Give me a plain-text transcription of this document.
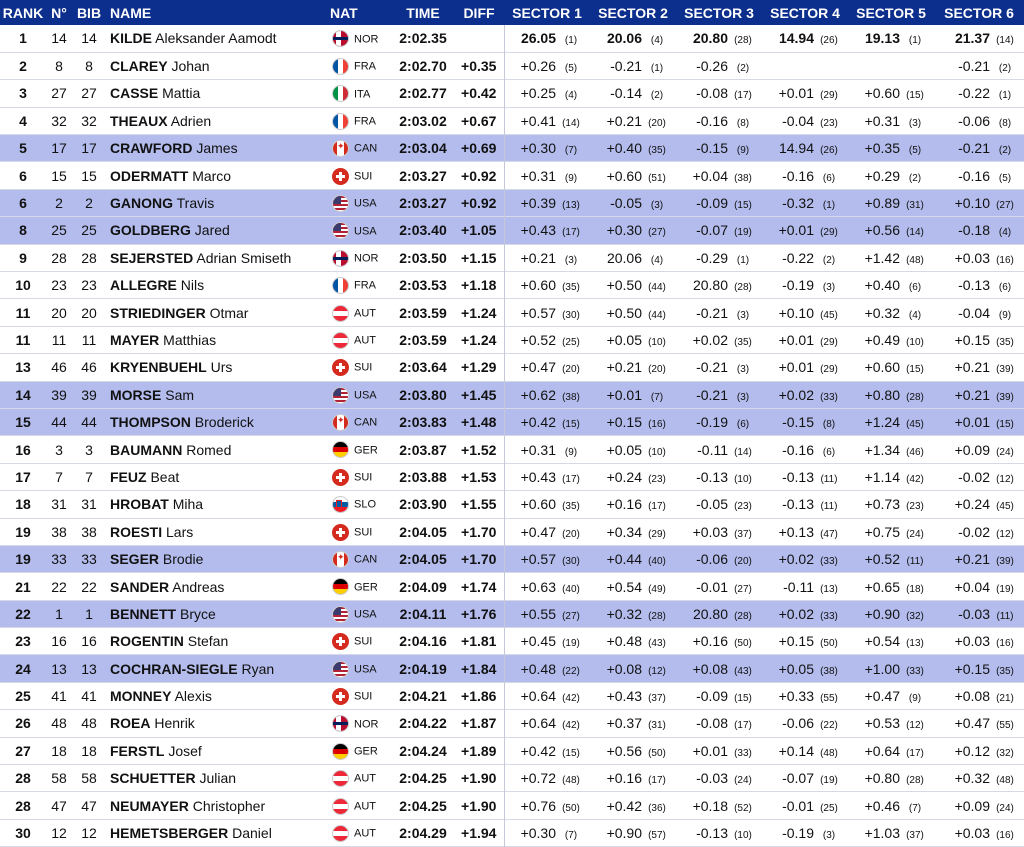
RANK	N°	BIB	NAME	NAT	TIME	DIFF	SECTOR 1	SECTOR 2	SECTOR 3	SECTOR 4	SECTOR 5	SECTOR 6
1	14	14	KILDE Aleksander Aamodt	NOR	2:02.35		26.05 (1)	20.06 (4)	20.80 (28)	14.94 (26)	19.13 (1)	21.37 (14)
2	8	8	CLAREY Johan	FRA	2:02.70	+0.35	+0.26 (5)	-0.21 (1)	-0.26 (2)			-0.21 (2)
3	27	27	CASSE Mattia	ITA	2:02.77	+0.42	+0.25 (4)	-0.14 (2)	-0.08 (17)	+0.01 (29)	+0.60 (15)	-0.22 (1)
4	32	32	THEAUX Adrien	FRA	2:03.02	+0.67	+0.41 (14)	+0.21 (20)	-0.16 (8)	-0.04 (23)	+0.31 (3)	-0.06 (8)
5	17	17	CRAWFORD James	✦CAN	2:03.04	+0.69	+0.30 (7)	+0.40 (35)	-0.15 (9)	14.94 (26)	+0.35 (5)	-0.21 (2)
6	15	15	ODERMATT Marco	SUI	2:03.27	+0.92	+0.31 (9)	+0.60 (51)	+0.04 (38)	-0.16 (6)	+0.29 (2)	-0.16 (5)
6	2	2	GANONG Travis	USA	2:03.27	+0.92	+0.39 (13)	-0.05 (3)	-0.09 (15)	-0.32 (1)	+0.89 (31)	+0.10 (27)
8	25	25	GOLDBERG Jared	USA	2:03.40	+1.05	+0.43 (17)	+0.30 (27)	-0.07 (19)	+0.01 (29)	+0.56 (14)	-0.18 (4)
9	28	28	SEJERSTED Adrian Smiseth	NOR	2:03.50	+1.15	+0.21 (3)	20.06 (4)	-0.29 (1)	-0.22 (2)	+1.42 (48)	+0.03 (16)
10	23	23	ALLEGRE Nils	FRA	2:03.53	+1.18	+0.60 (35)	+0.50 (44)	20.80 (28)	-0.19 (3)	+0.40 (6)	-0.13 (6)
11	20	20	STRIEDINGER Otmar	AUT	2:03.59	+1.24	+0.57 (30)	+0.50 (44)	-0.21 (3)	+0.10 (45)	+0.32 (4)	-0.04 (9)
11	11	11	MAYER Matthias	AUT	2:03.59	+1.24	+0.52 (25)	+0.05 (10)	+0.02 (35)	+0.01 (29)	+0.49 (10)	+0.15 (35)
13	46	46	KRYENBUEHL Urs	SUI	2:03.64	+1.29	+0.47 (20)	+0.21 (20)	-0.21 (3)	+0.01 (29)	+0.60 (15)	+0.21 (39)
14	39	39	MORSE Sam	USA	2:03.80	+1.45	+0.62 (38)	+0.01 (7)	-0.21 (3)	+0.02 (33)	+0.80 (28)	+0.21 (39)
15	44	44	THOMPSON Broderick	✦CAN	2:03.83	+1.48	+0.42 (15)	+0.15 (16)	-0.19 (6)	-0.15 (8)	+1.24 (45)	+0.01 (15)
16	3	3	BAUMANN Romed	GER	2:03.87	+1.52	+0.31 (9)	+0.05 (10)	-0.11 (14)	-0.16 (6)	+1.34 (46)	+0.09 (24)
17	7	7	FEUZ Beat	SUI	2:03.88	+1.53	+0.43 (17)	+0.24 (23)	-0.13 (10)	-0.13 (11)	+1.14 (42)	-0.02 (12)
18	31	31	HROBAT Miha	SLO	2:03.90	+1.55	+0.60 (35)	+0.16 (17)	-0.05 (23)	-0.13 (11)	+0.73 (23)	+0.24 (45)
19	38	38	ROESTI Lars	SUI	2:04.05	+1.70	+0.47 (20)	+0.34 (29)	+0.03 (37)	+0.13 (47)	+0.75 (24)	-0.02 (12)
19	33	33	SEGER Brodie	✦CAN	2:04.05	+1.70	+0.57 (30)	+0.44 (40)	-0.06 (20)	+0.02 (33)	+0.52 (11)	+0.21 (39)
21	22	22	SANDER Andreas	GER	2:04.09	+1.74	+0.63 (40)	+0.54 (49)	-0.01 (27)	-0.11 (13)	+0.65 (18)	+0.04 (19)
22	1	1	BENNETT Bryce	USA	2:04.11	+1.76	+0.55 (27)	+0.32 (28)	20.80 (28)	+0.02 (33)	+0.90 (32)	-0.03 (11)
23	16	16	ROGENTIN Stefan	SUI	2:04.16	+1.81	+0.45 (19)	+0.48 (43)	+0.16 (50)	+0.15 (50)	+0.54 (13)	+0.03 (16)
24	13	13	COCHRAN-SIEGLE Ryan	USA	2:04.19	+1.84	+0.48 (22)	+0.08 (12)	+0.08 (43)	+0.05 (38)	+1.00 (33)	+0.15 (35)
25	41	41	MONNEY Alexis	SUI	2:04.21	+1.86	+0.64 (42)	+0.43 (37)	-0.09 (15)	+0.33 (55)	+0.47 (9)	+0.08 (21)
26	48	48	ROEA Henrik	NOR	2:04.22	+1.87	+0.64 (42)	+0.37 (31)	-0.08 (17)	-0.06 (22)	+0.53 (12)	+0.47 (55)
27	18	18	FERSTL Josef	GER	2:04.24	+1.89	+0.42 (15)	+0.56 (50)	+0.01 (33)	+0.14 (48)	+0.64 (17)	+0.12 (32)
28	58	58	SCHUETTER Julian	AUT	2:04.25	+1.90	+0.72 (48)	+0.16 (17)	-0.03 (24)	-0.07 (19)	+0.80 (28)	+0.32 (48)
28	47	47	NEUMAYER Christopher	AUT	2:04.25	+1.90	+0.76 (50)	+0.42 (36)	+0.18 (52)	-0.01 (25)	+0.46 (7)	+0.09 (24)
30	12	12	HEMETSBERGER Daniel	AUT	2:04.29	+1.94	+0.30 (7)	+0.90 (57)	-0.13 (10)	-0.19 (3)	+1.03 (37)	+0.03 (16)
